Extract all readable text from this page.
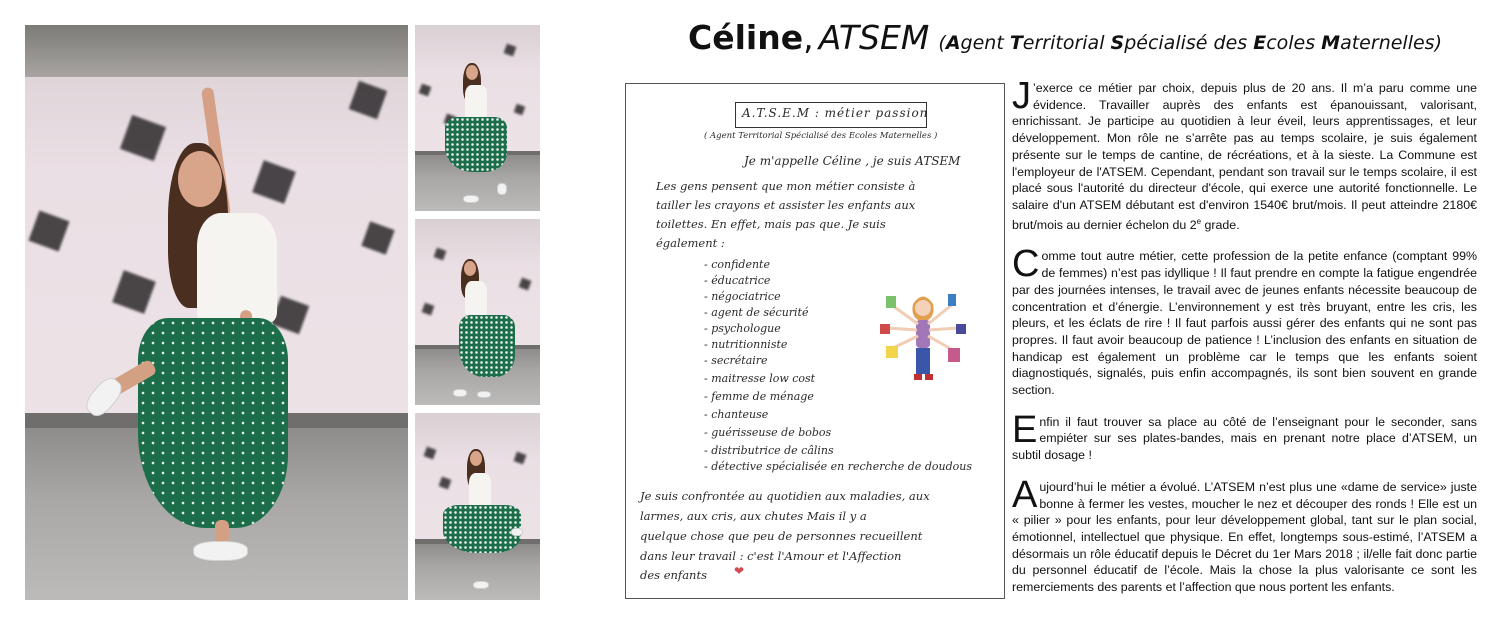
Céline, ATSEM (Agent Territorial Spécialisé des Ecoles Maternelles)
A.T.S.E.M : métier passion
( Agent Territorial Spécialisé des Ecoles Maternelles )
Je m'appelle Céline , je suis ATSEM
Les gens pensent que mon métier consiste à
tailler les crayons et assister les enfants aux
toilettes. En effet, mais pas que. Je suis
également :
- confidente
- éducatrice
- négociatrice
- agent de sécurité
- psychologue
- nutritionniste
- secrétaire
- maitresse low cost
- femme de ménage
- chanteuse
- guérisseuse de bobos
- distributrice de câlins
- détective spécialisée en recherche de doudous
Je suis confrontée au quotidien aux maladies, aux
larmes, aux cris, aux chutes Mais il y a
quelque chose que peu de personnes recueillent
dans leur travail : c'est l'Amour et l'Affection
des enfants ❤
J ’exerce ce métier par choix, depuis plus de 20 ans. Il m’a paru comme une évidence. Travailler auprès des enfants est épanouissant, valorisant, enrichissant. Je participe au quotidien à leur éveil, leurs apprentissages, et leur développement. Mon rôle ne s’arrête pas au temps scolaire, je suis également présente sur le temps de cantine, de récréations, et à la sieste. La Commune est l'employeur de l'ATSEM. Cependant, pendant son travail sur le temps scolaire, il est placé sous l'autorité du directeur d'école, qui exerce une autorité fonctionnelle. Le salaire d'un ATSEM débutant est d'environ 1540€ brut/mois. Il peut atteindre 2180€ brut/mois au dernier échelon du 2

$^e$

grade.

Comme tout autre métier, cette profession de la petite enfance (comptant 99% de femmes) n’est pas idyllique ! Il faut prendre en compte la fatigue engendrée par des journées intenses, le travail avec de jeunes enfants nécessite beaucoup de concentration et d’énergie. L’environnement y est très bruyant, entre les cris, les pleurs, et les éclats de rire ! Il faut parfois aussi gérer des enfants qui ne sont pas propres. Il faut avoir beaucoup de patience ! L’inclusion des enfants en situation de handicap est également un problème car le temps que les enfants soient diagnostiqués, signalés, puis enfin accompagnés, ils sont bien souvent en grande section.

Enfin il faut trouver sa place au côté de l’enseignant pour le seconder, sans empiéter sur ses plates-bandes, mais en prenant notre place d’ATSEM, un subtil dosage !

Aujourd’hui le métier a évolué. L’ATSEM n’est plus une «dame de service» juste bonne à fermer les vestes, moucher le nez et découper des ronds ! Elle est un « pilier » pour les enfants, pour leur développement global, tant sur le plan social, émotionnel, intellectuel que physique. En effet, longtemps sous-estimé, l’ATSEM a désormais un rôle éducatif depuis le Décret du 1er Mars 2018 ; il/elle fait donc partie du personnel éducatif de l’école. Mais la chose la plus valorisante ce sont les remerciements des parents et l’affection que nous portent les enfants.
